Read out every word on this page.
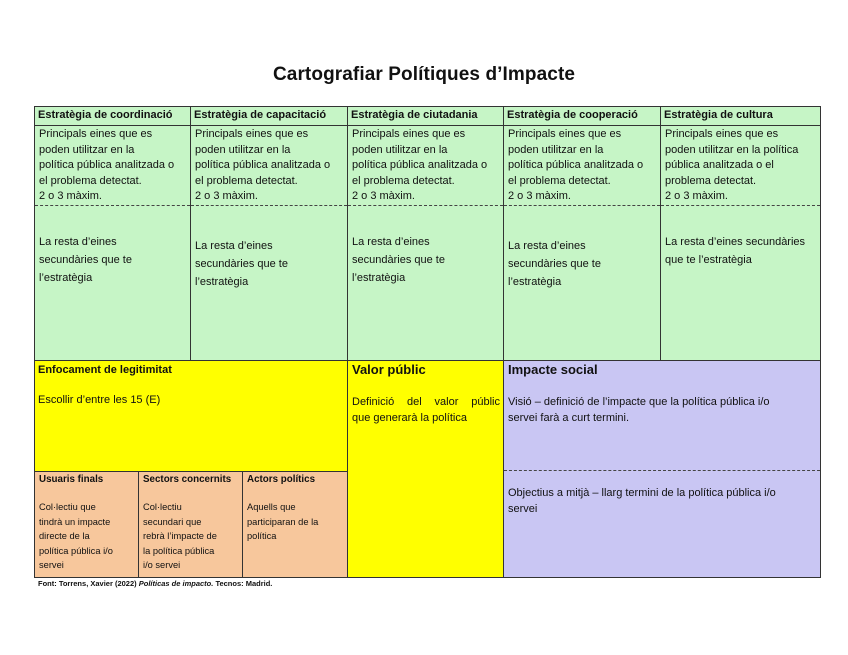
Cartografiar Polítiques d’Impacte
Estratègia de coordinació
Principals eines que es
poden utilitzar en la
política pública analitzada o
el problema detectat.
2 o 3 màxim.
La resta d’eines
secundàries que te
l’estratègia
Estratègia de capacitació
Principals eines que es
poden utilitzar en la
política pública analitzada o
el problema detectat.
2 o 3 màxim.
La resta d’eines
secundàries que te
l’estratègia
Estratègia de ciutadania
Principals eines que es
poden utilitzar en la
política pública analitzada o
el problema detectat.
2 o 3 màxim.
La resta d’eines
secundàries que te
l’estratègia
Estratègia de cooperació
Principals eines que es
poden utilitzar en la
política pública analitzada o
el problema detectat.
2 o 3 màxim.
La resta d’eines
secundàries que te
l’estratègia
Estratègia de cultura
Principals eines que es
poden utilitzar en la política
pública analitzada o el
problema detectat.
2 o 3 màxim.
La resta d’eines secundàries
que te l’estratègia
Enfocament de legitimitat
Escollir d’entre les 15 (E)
Usuaris finals
Col·lectiu que
tindrà un impacte
directe de la
política pública i/o
servei
Sectors concernits
Col·lectiu
secundari que
rebrà l’impacte de
la política pública
i/o servei
Actors polítics
Aquells que
participaran de la
política
Valor públic
Definició del valor públic
que generarà la política
Impacte social
Visió – definició de l’impacte que la política pública i/o
servei farà a curt termini.
Objectius a mitjà – llarg termini de la política pública i/o
servei
Font: Torrens, Xavier (2022) Políticas de impacto. Tecnos: Madrid.
